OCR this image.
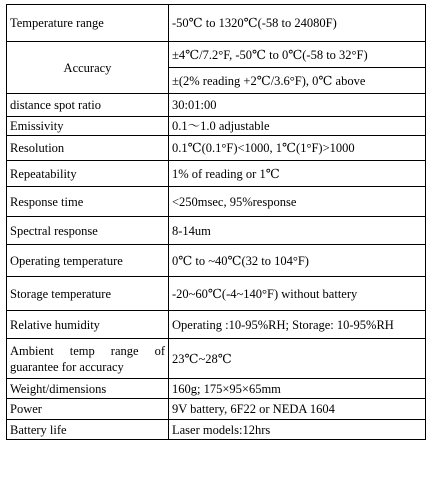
Temperature range	-50℃ to 1320℃(-58 to 24080F)
Accuracy	±4℃/7.2°F, -50℃ to 0℃(-58 to 32°F)
	±(2% reading +2℃/3.6°F), 0℃ above
distance spot ratio	30:01:00
Emissivity	0.1～1.0 adjustable
Resolution	0.1℃(0.1°F)<1000, 1℃(1°F)>1000
Repeatability	1% of reading or 1℃
Response time	<250msec, 95%response
Spectral response	8-14um
Operating temperature	0℃ to ~40℃(32 to 104°F)
Storage temperature	-20~60℃(-4~140°F) without battery
Relative humidity	Operating :10-95%RH; Storage: 10-95%RH
Ambient temp range of guarantee for accuracy	23℃~28℃
Weight/dimensions	160g; 175×95×65mm
Power	9V battery, 6F22 or NEDA 1604
Battery life	Laser models:12hrs
